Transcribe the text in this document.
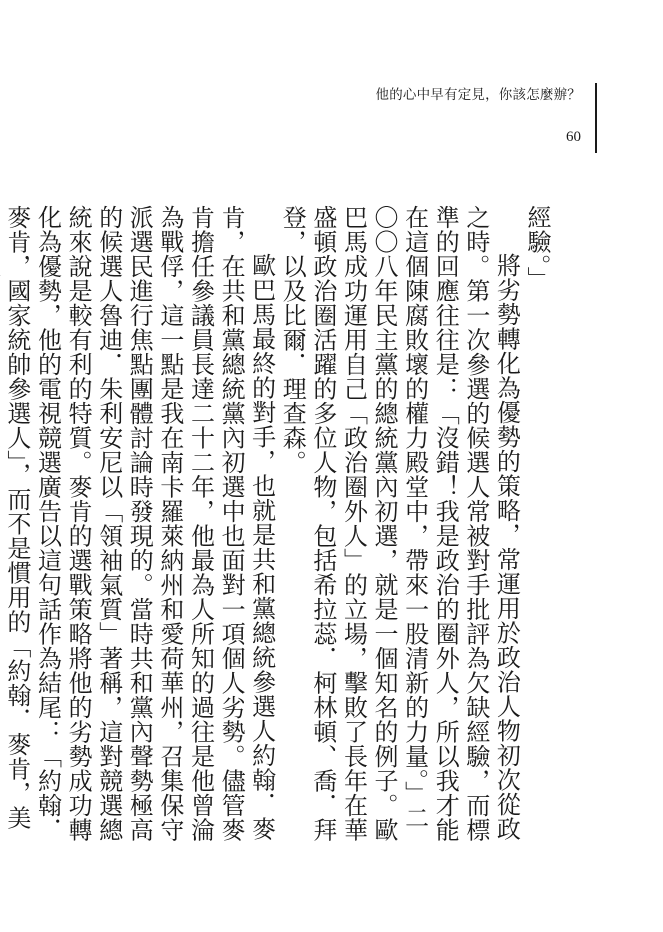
他的心中早有定見，你該怎麼辦？
60

經驗。」

將劣勢轉化為優勢的策略，常運用於政治人物初次從政之時。第一次參選的候選人常被對手批評為欠缺經驗，而標準的回應往往是：「沒錯！我是政治的圈外人，所以我才能在這個陳腐敗壞的權力殿堂中，帶來一股清新的力量。」二〇〇八年民主黨的總統黨內初選，就是一個知名的例子。歐巴馬成功運用自己「政治圈外人」的立場，擊敗了長年在華盛頓政治圈活躍的多位人物，包括希拉蕊．柯林頓、喬．拜登，以及比爾．理查森。

歐巴馬最終的對手，也就是共和黨總統參選人約翰．麥肯，在共和黨總統黨內初選中也面對一項個人劣勢。儘管麥肯擔任參議員長達二十二年，他最為人所知的過往是他曾淪為戰俘，這一點是我在南卡羅萊納州和愛荷華州，召集保守派選民進行焦點團體討論時發現的。當時共和黨內聲勢極高的候選人魯迪．朱利安尼以「領袖氣質」著稱，這對競選總統來說是較有利的特質。麥肯的選戰策略將他的劣勢成功轉化為優勢，他的電視競選廣告以這句話作為結尾：「約翰．麥肯，國家統帥參選人」，而不是慣用的「約翰．麥肯，美
